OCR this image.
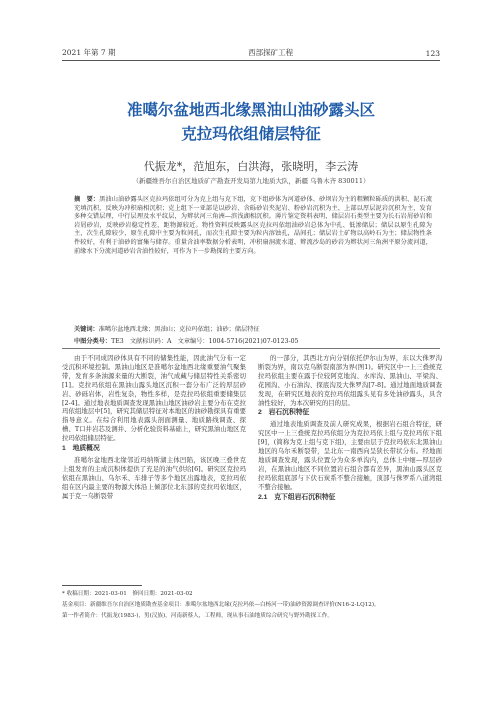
2021 年第 7 期	西部探矿工程	123
准噶尔盆地西北缘黑油山油砂露头区
克拉玛依组储层特征
代振龙*，范旭东，白洪海，张晓明，李云涛
（新疆维吾尔自治区地质矿产勘查开发局第九地质大队，新疆 乌鲁木齐 830011）
摘　要：黑油山油砂露头区克拉玛依组可分为克上组与克下组，克下组砂体为河道砂体、砂坝岩为主的粗颗粒砾质的洪积、泥石流充填沉积，反映为冲积扇相沉积；克上组下一亚部是以砂岩、含砾砂岩夹泥岩、粉砂岩沉积为主，上部以厚层泥岩沉积为主，发育多种交错层理，中行层理及水平纹层，为辫状河三角洲—滨浅湖相沉积。薄片鉴定资料表明，储层岩石类型主要为长石岩屑砂岩和岩屑砂岩，反映砂岩稳定性差，距物源较近。物性资料反映露头区克拉玛依组油砂岩总体为中孔、低渗储层；储层以原生孔隙为主，次生孔隙较少，原生孔隙中主要为粒间孔，而次生孔隙主要为粒内溶蚀孔，晶间孔；储层岩土矿物以高岭石为主；储层物性条件较好，有利于油砂的富集与储存。重量含油率数据分析表明，冲积扇洞流水道、辫流沙岛的砂岩为辫状河三角洲平原分流河道，前缘水下分流河道砂岩含油性较好，可作为下一步勘探的主要方向。
关键词：准噶尔盆地西北缘；黑油山；克拉玛依组；油砂；储层特征
中图分类号：TE3　文献标识码：A　文章编号：1004-5716(2021)07-0123-05

由于不同成因砂体具有不同的储集性能，因此油气分布一定受沉积环境控制。黑油山地区是准噶尔盆地西北缘重要油气聚集带，发育多条油源来量的大断裂，油气成藏与储层特性关系密切[1]。克拉玛依组在黑油山露头地区沉积一套分布广泛的厚层砂岩、砂砾岩体，岩性复杂，物性多样，是克拉玛依组重要储集层[2-4]。通过地表地质调查发现黑油山地区油砂岩主要分布在克拉玛依组地层中[5]，研究其储层特征对本地区的油砂勘探具有重要指导意义。在综合利用地表露头剖面测量、地质路线调查、探槽、T口井岩芯及测井、分析化验资料基础上，研究黑油山地区克拉玛依组储层特征。

1　地质概况

准噶尔盆地西北缘邻近玛纳斯湖主体凹陷，该区晚三叠世克上组发育的主成沉积体提供了充足的油气供给[6]。研究区克拉玛依组在黑油山、乌尔禾、车排子等多个地区出露地表，克拉玛依组在区内最主要的物源大体沿上倾部位北东部的克拉玛依地区，属于克一乌断裂带

的一部分，其西北方向分别依托伊尔山为界，东以大侏罗沟断裂为界，南以克乌断裂南部为界(图1)。研究区中一上三叠统克拉玛依组主要在露于位较阿克地沟、水库沟、黑油山、平梁沟、花园沟、小石油沟、探底沟及大侏罗沟[7-8]。通过地面地质调查发现，在研究区地表的克拉玛依组露头见有多处油砂露头，具含油性较好，为本次研究的目的层。

2　岩石沉积特征

通过地表地质调查及前人研究成果，根据岩石组合特征，研究区中一上三叠统克拉玛依组分为克拉玛依上组与克拉玛依下组[9]，(简称为克上组与克下组)，主要由层于克拉玛依东北黑油山地区的乌尔禾断裂带，呈北东一南西向呈狭长带状分布。经地面地质调查发现，露头位置分为众多单沟内，总体上中细—厚层砂岩，在黑油山地区不同位置岩石组合都有差异，黑油山露头区克拉玛依组底部与下伏石炭系不整合接触，顶部与侏罗系八道湾组不整合接触。

2.1　克下组岩石沉积特征
* 收稿日期：2021-03-01　修回日期：2021-03-02
基金项目：新疆维吾尔自治区地质勘查基金项目：准噶尔盆地西北缘(克拉玛依—白杨河一带)油砂资源调查评价(N16-2-LQ12)。
第一作者简介：代振龙(1983-)，男(汉族)，河南新蔡人，工程师，现从事石油地质综合研究与野外勘探工作。
